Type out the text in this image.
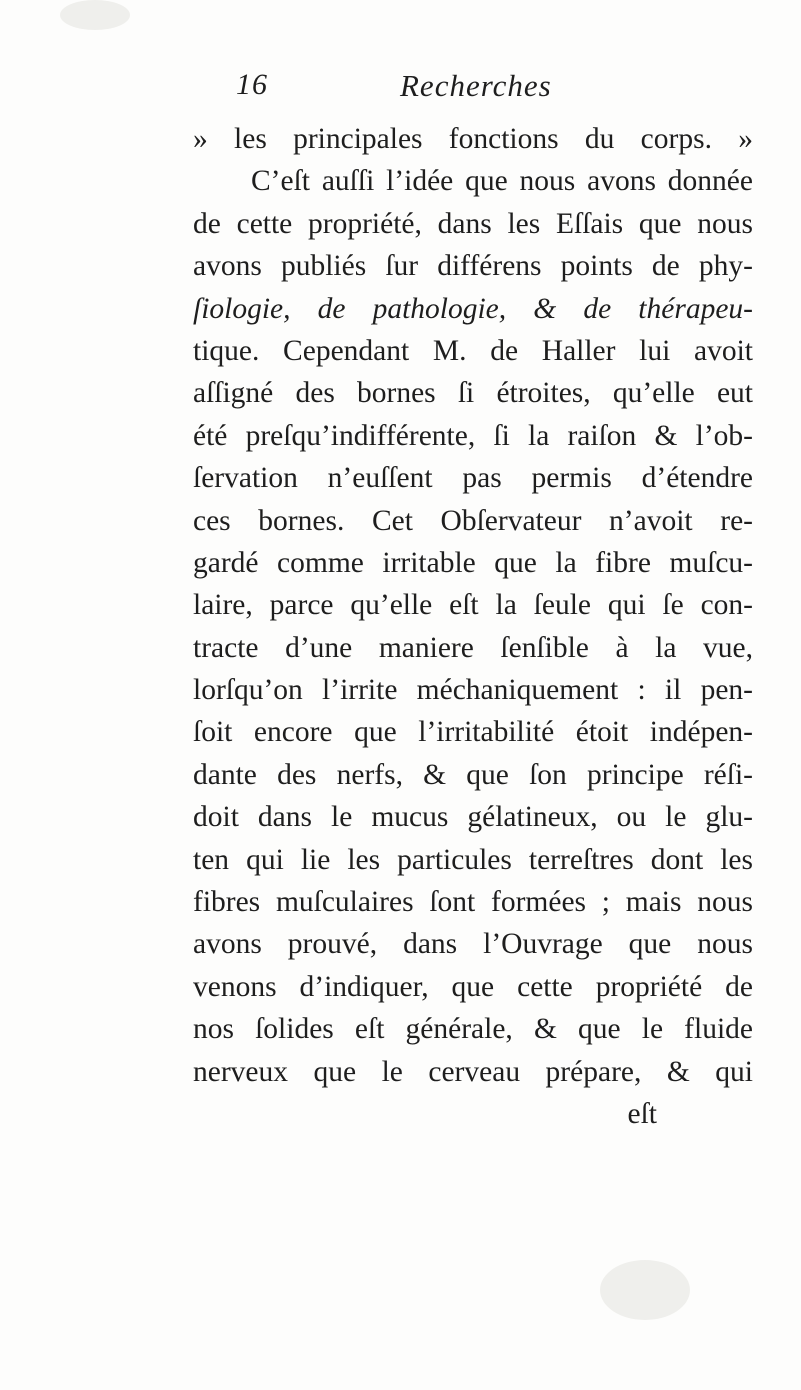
16	Recherches
» les principales fonctions du corps. »
C’eſt auſſi l’idée que nous avons donnée
de cette propriété, dans les Eſſais que nous
avons publiés ſur différens points de phy-
ſiologie, de pathologie, & de thérapeu-
tique. Cependant M. de Haller lui avoit
aſſigné des bornes ſi étroites, qu’elle eut
été preſqu’indifférente, ſi la raiſon & l’ob-
ſervation n’euſſent pas permis d’étendre
ces bornes. Cet Obſervateur n’avoit re-
gardé comme irritable que la fibre muſcu-
laire, parce qu’elle eſt la ſeule qui ſe con-
tracte d’une maniere ſenſible à la vue,
lorſqu’on l’irrite méchaniquement : il pen-
ſoit encore que l’irritabilité étoit indépen-
dante des nerfs, & que ſon principe réſi-
doit dans le mucus gélatineux, ou le glu-
ten qui lie les particules terreſtres dont les
fibres muſculaires ſont formées ; mais nous
avons prouvé, dans l’Ouvrage que nous
venons d’indiquer, que cette propriété de
nos ſolides eſt générale, & que le fluide
nerveux que le cerveau prépare, & qui
eſt
